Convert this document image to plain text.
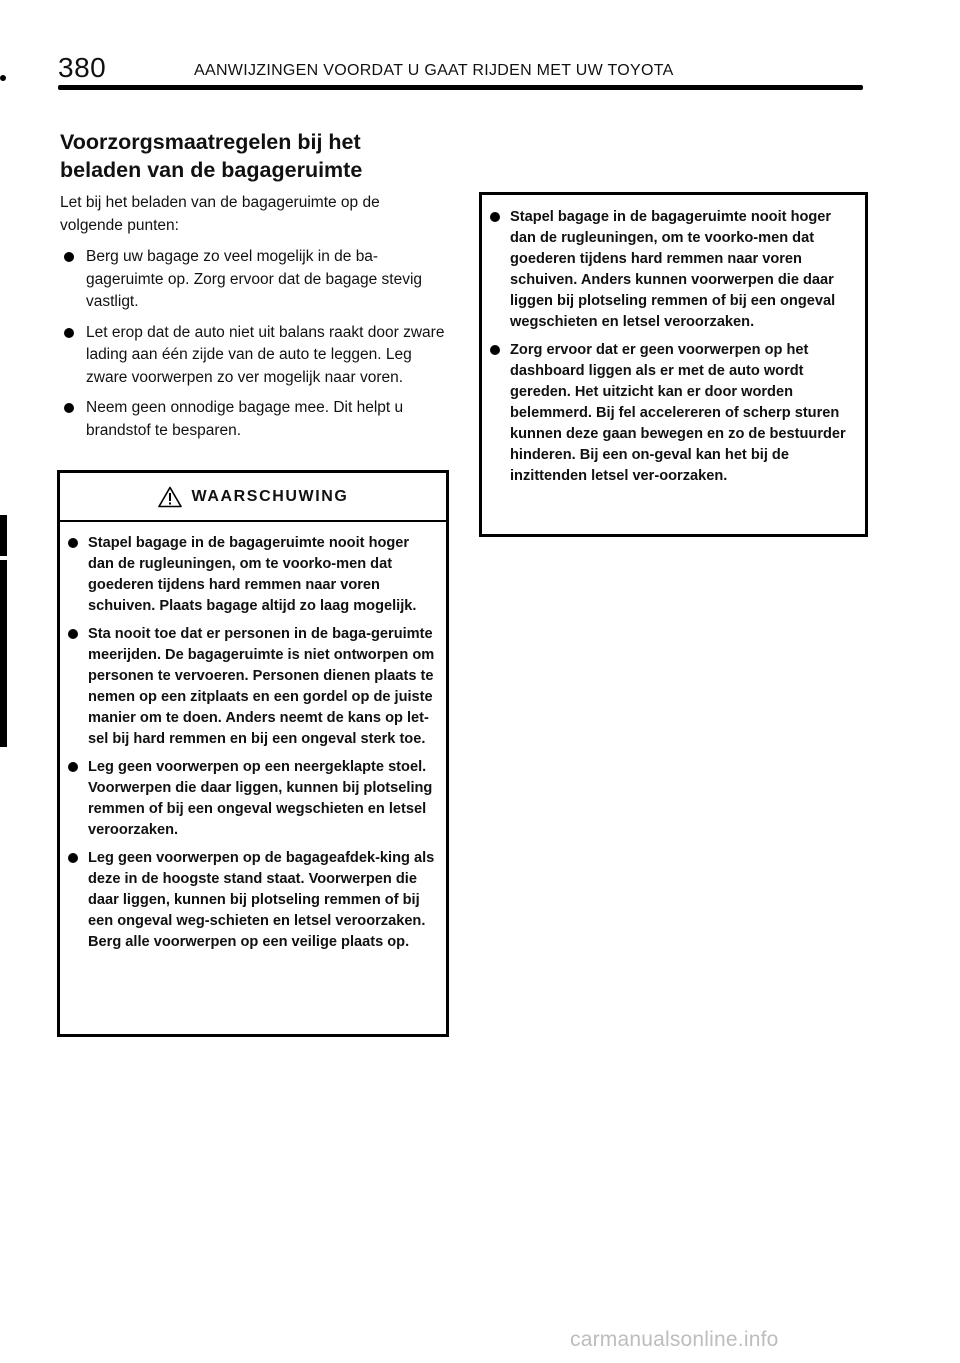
380	AANWIJZINGEN VOORDAT U GAAT RIJDEN MET UW TOYOTA
Voorzorgsmaatregelen bij het beladen van de bagageruimte
Let bij het beladen van de bagageruimte op de volgende punten:
Berg uw bagage zo veel mogelijk in de ba-gageruimte op. Zorg ervoor dat de bagage stevig vastligt.
Let erop dat de auto niet uit balans raakt door zware lading aan één zijde van de auto te leggen. Leg zware voorwerpen zo ver mogelijk naar voren.
Neem geen onnodige bagage mee. Dit helpt u brandstof te besparen.
WAARSCHUWING
Stapel bagage in de bagageruimte nooit hoger dan de rugleuningen, om te voorko-men dat goederen tijdens hard remmen naar voren schuiven. Plaats bagage altijd zo laag mogelijk.
Sta nooit toe dat er personen in de baga-geruimte meerijden. De bagageruimte is niet ontworpen om personen te vervoeren. Personen dienen plaats te nemen op een zitplaats en een gordel op de juiste manier om te doen. Anders neemt de kans op let-sel bij hard remmen en bij een ongeval sterk toe.
Leg geen voorwerpen op een neergeklapte stoel. Voorwerpen die daar liggen, kunnen bij plotseling remmen of bij een ongeval wegschieten en letsel veroorzaken.
Leg geen voorwerpen op de bagageafdek-king als deze in de hoogste stand staat. Voorwerpen die daar liggen, kunnen bij plotseling remmen of bij een ongeval weg-schieten en letsel veroorzaken. Berg alle voorwerpen op een veilige plaats op.
Stapel bagage in de bagageruimte nooit hoger dan de rugleuningen, om te voorko-men dat goederen tijdens hard remmen naar voren schuiven. Anders kunnen voorwerpen die daar liggen bij plotseling remmen of bij een ongeval wegschieten en letsel veroorzaken.
Zorg ervoor dat er geen voorwerpen op het dashboard liggen als er met de auto wordt gereden. Het uitzicht kan er door worden belemmerd. Bij fel accelereren of scherp sturen kunnen deze gaan bewegen en zo de bestuurder hinderen. Bij een on-geval kan het bij de inzittenden letsel ver-oorzaken.
carmanualsonline.info
